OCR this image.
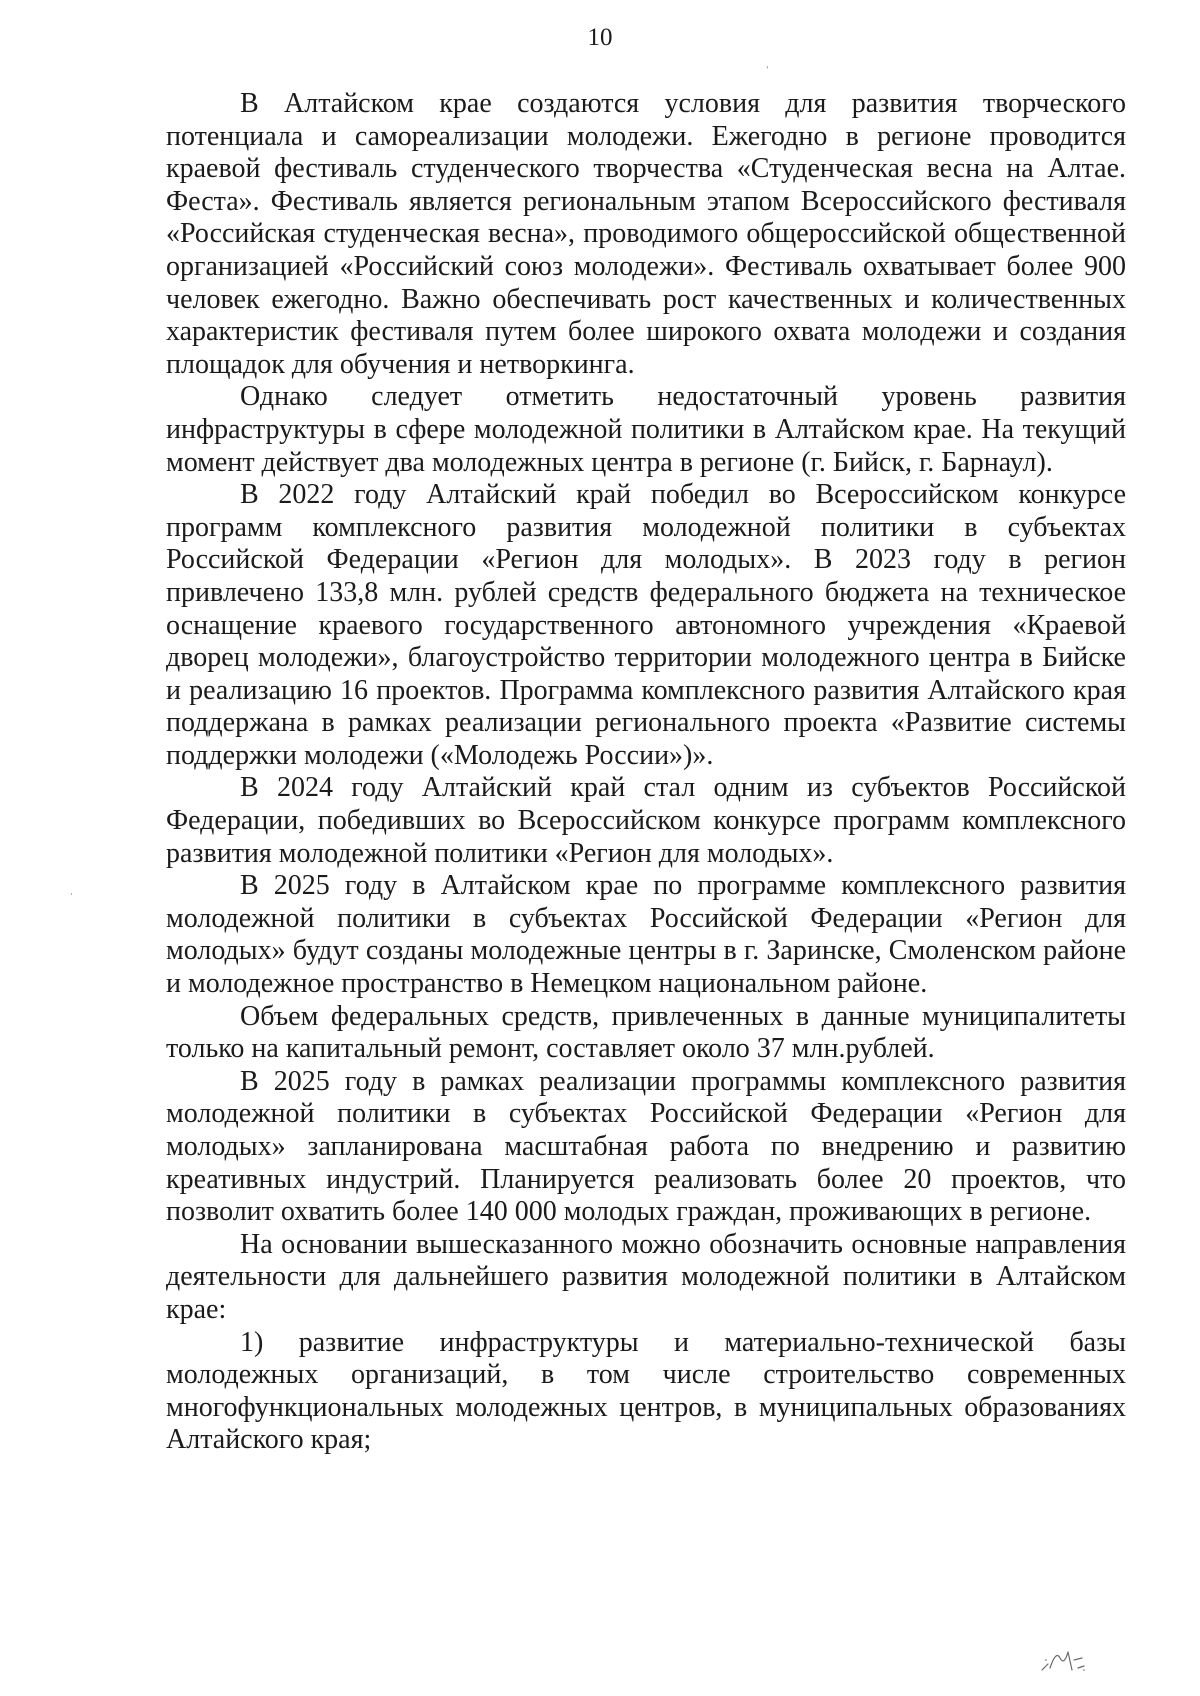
10
ˌ
·

В Алтайском крае создаются условия для развития творческого потенциала и самореализации молодежи. Ежегодно в регионе проводится краевой фестиваль студенческого творчества «Студенческая весна на Алтае. Феста». Фестиваль является региональным этапом Всероссийского фестиваля «Российская студенческая весна», проводимого общероссийской общественной организацией «Российский союз молодежи». Фестиваль охватывает более 900 человек ежегодно. Важно обеспечивать рост качественных и количественных характеристик фестиваля путем более широкого охвата молодежи и создания площадок для обучения и нетворкинга.

Однако следует отметить недостаточный уровень развития инфраструктуры в сфере молодежной политики в Алтайском крае. На текущий момент действует два молодежных центра в регионе (г. Бийск, г. Барнаул).

В 2022 году Алтайский край победил во Всероссийском конкурсе программ комплексного развития молодежной политики в субъектах Российской Федерации «Регион для молодых». В 2023 году в регион привлечено 133,8 млн. рублей средств федерального бюджета на техническое оснащение краевого государственного автономного учреждения «Краевой дворец молодежи», благоустройство территории молодежного центра в Бийске и реализацию 16 проектов. Программа комплексного развития Алтайского края поддержана в рамках реализации регионального проекта «Развитие системы поддержки молодежи («Молодежь России»)».

В 2024 году Алтайский край стал одним из субъектов Российской Федерации, победивших во Всероссийском конкурсе программ комплексного развития молодежной политики «Регион для молодых».

В 2025 году в Алтайском крае по программе комплексного развития молодежной политики в субъектах Российской Федерации «Регион для молодых» будут созданы молодежные центры в г. Заринске, Смоленском районе и молодежное пространство в Немецком национальном районе.

Объем федеральных средств, привлеченных в данные муниципалитеты только на капитальный ремонт, составляет около 37 млн.рублей.

В 2025 году в рамках реализации программы комплексного развития молодежной политики в субъектах Российской Федерации «Регион для молодых» запланирована масштабная работа по внедрению и развитию креативных индустрий. Планируется реализовать более 20 проектов, что позволит охватить более 140 000 молодых граждан, проживающих в регионе.

На основании вышесказанного можно обозначить основные направления деятельности для дальнейшего развития молодежной политики в Алтайском крае:

1) развитие инфраструктуры и материально-технической базы молодежных организаций, в том числе строительство современных многофункциональных молодежных центров, в муниципальных образованиях Алтайского края;
